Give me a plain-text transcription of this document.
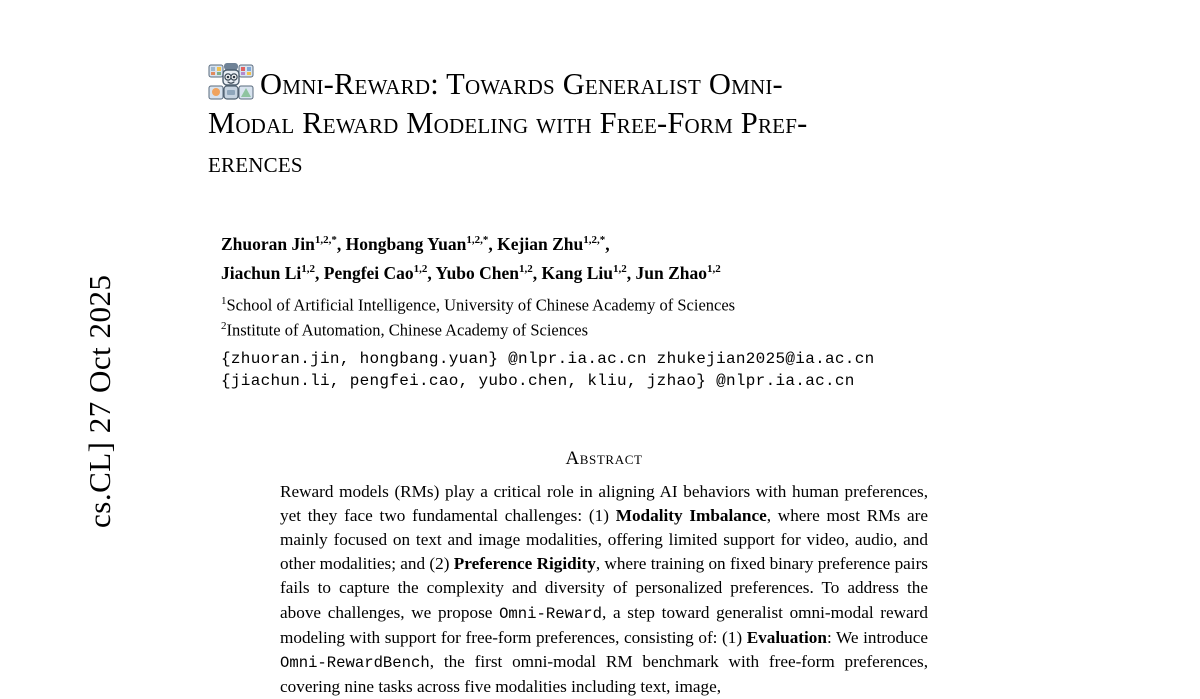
cs.CL] 27 Oct 2025
Omni-Reward: Towards Generalist Omni-
Modal Reward Modeling with Free-Form Pref-
erences
Zhuoran Jin$^{1,2,*}$, Hongbang Yuan$^{1,2,*}$, Kejian Zhu$^{1,2,*}$,
Jiachun Li$^{1,2}$, Pengfei Cao$^{1,2}$, Yubo Chen$^{1,2}$, Kang Liu$^{1,2}$, Jun Zhao$^{1,2}$
$^1$School of Artificial Intelligence, University of Chinese Academy of Sciences
$^2$Institute of Automation, Chinese Academy of Sciences
{zhuoran.jin, hongbang.yuan} @nlpr.ia.ac.cn zhukejian2025@ia.ac.cn
{jiachun.li, pengfei.cao, yubo.chen, kliu, jzhao} @nlpr.ia.ac.cn
Abstract

Reward models (RMs) play a critical role in aligning AI behaviors with human preferences, yet they face two fundamental challenges: (1) Modality Imbalance, where most RMs are mainly focused on text and image modalities, offering limited support for video, audio, and other modalities; and (2) Preference Rigidity, where training on fixed binary preference pairs fails to capture the complexity and diversity of personalized preferences. To address the above challenges, we propose Omni-Reward, a step toward generalist omni-modal reward modeling with support for free-form preferences, consisting of: (1) Evaluation: We introduce Omni-RewardBench, the first omni-modal RM benchmark with free-form preferences, covering nine tasks across five modalities including text, image,
